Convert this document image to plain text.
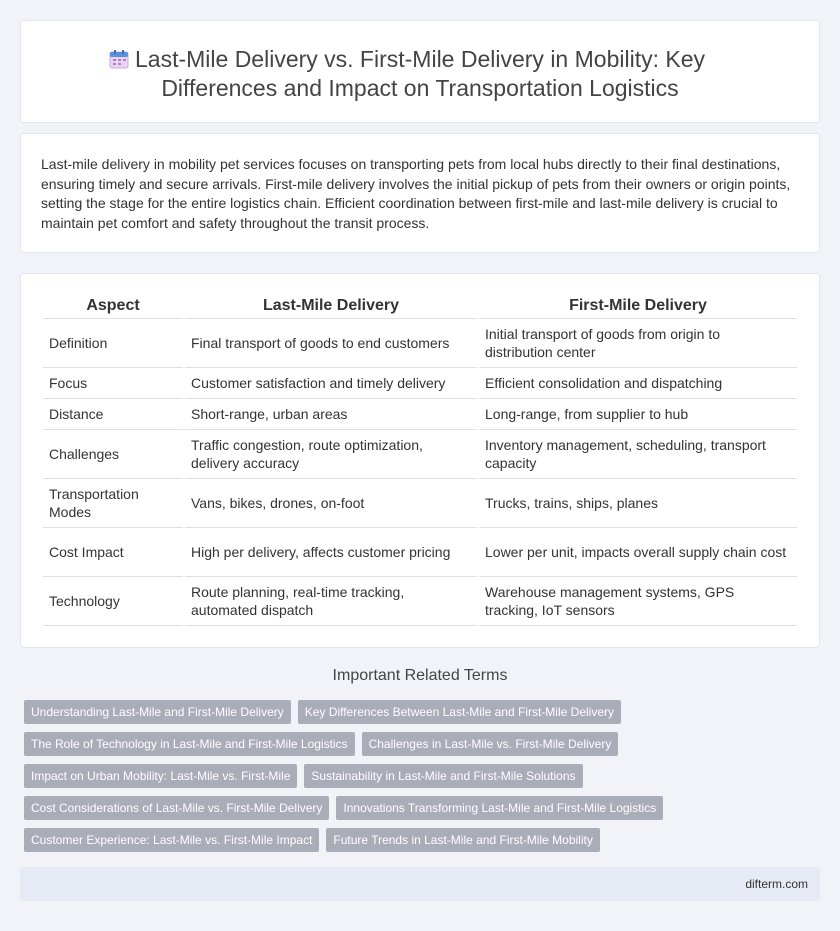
Last-Mile Delivery vs. First-Mile Delivery in Mobility: Key Differences and Impact on Transportation Logistics

Last-mile delivery in mobility pet services focuses on transporting pets from local hubs directly to their final destinations, ensuring timely and secure arrivals. First-mile delivery involves the initial pickup of pets from their owners or origin points, setting the stage for the entire logistics chain. Efficient coordination between first-mile and last-mile delivery is crucial to maintain pet comfort and safety throughout the transit process.

Aspect	Last-Mile Delivery	First-Mile Delivery
Definition	Final transport of goods to end customers	Initial transport of goods from origin to distribution center
Focus	Customer satisfaction and timely delivery	Efficient consolidation and dispatching
Distance	Short-range, urban areas	Long-range, from supplier to hub
Challenges	Traffic congestion, route optimization, delivery accuracy	Inventory management, scheduling, transport capacity
Transportation Modes	Vans, bikes, drones, on-foot	Trucks, trains, ships, planes
Cost Impact	High per delivery, affects customer pricing	Lower per unit, impacts overall supply chain cost
Technology	Route planning, real-time tracking, automated dispatch	Warehouse management systems, GPS tracking, IoT sensors
Important Related Terms
Understanding Last-Mile and First-Mile Delivery	Key Differences Between Last-Mile and First-Mile Delivery
The Role of Technology in Last-Mile and First-Mile Logistics	Challenges in Last-Mile vs. First-Mile Delivery
Impact on Urban Mobility: Last-Mile vs. First-Mile	Sustainability in Last-Mile and First-Mile Solutions
Cost Considerations of Last-Mile vs. First-Mile Delivery	Innovations Transforming Last-Mile and First-Mile Logistics
Customer Experience: Last-Mile vs. First-Mile Impact	Future Trends in Last-Mile and First-Mile Mobility
difterm.com
